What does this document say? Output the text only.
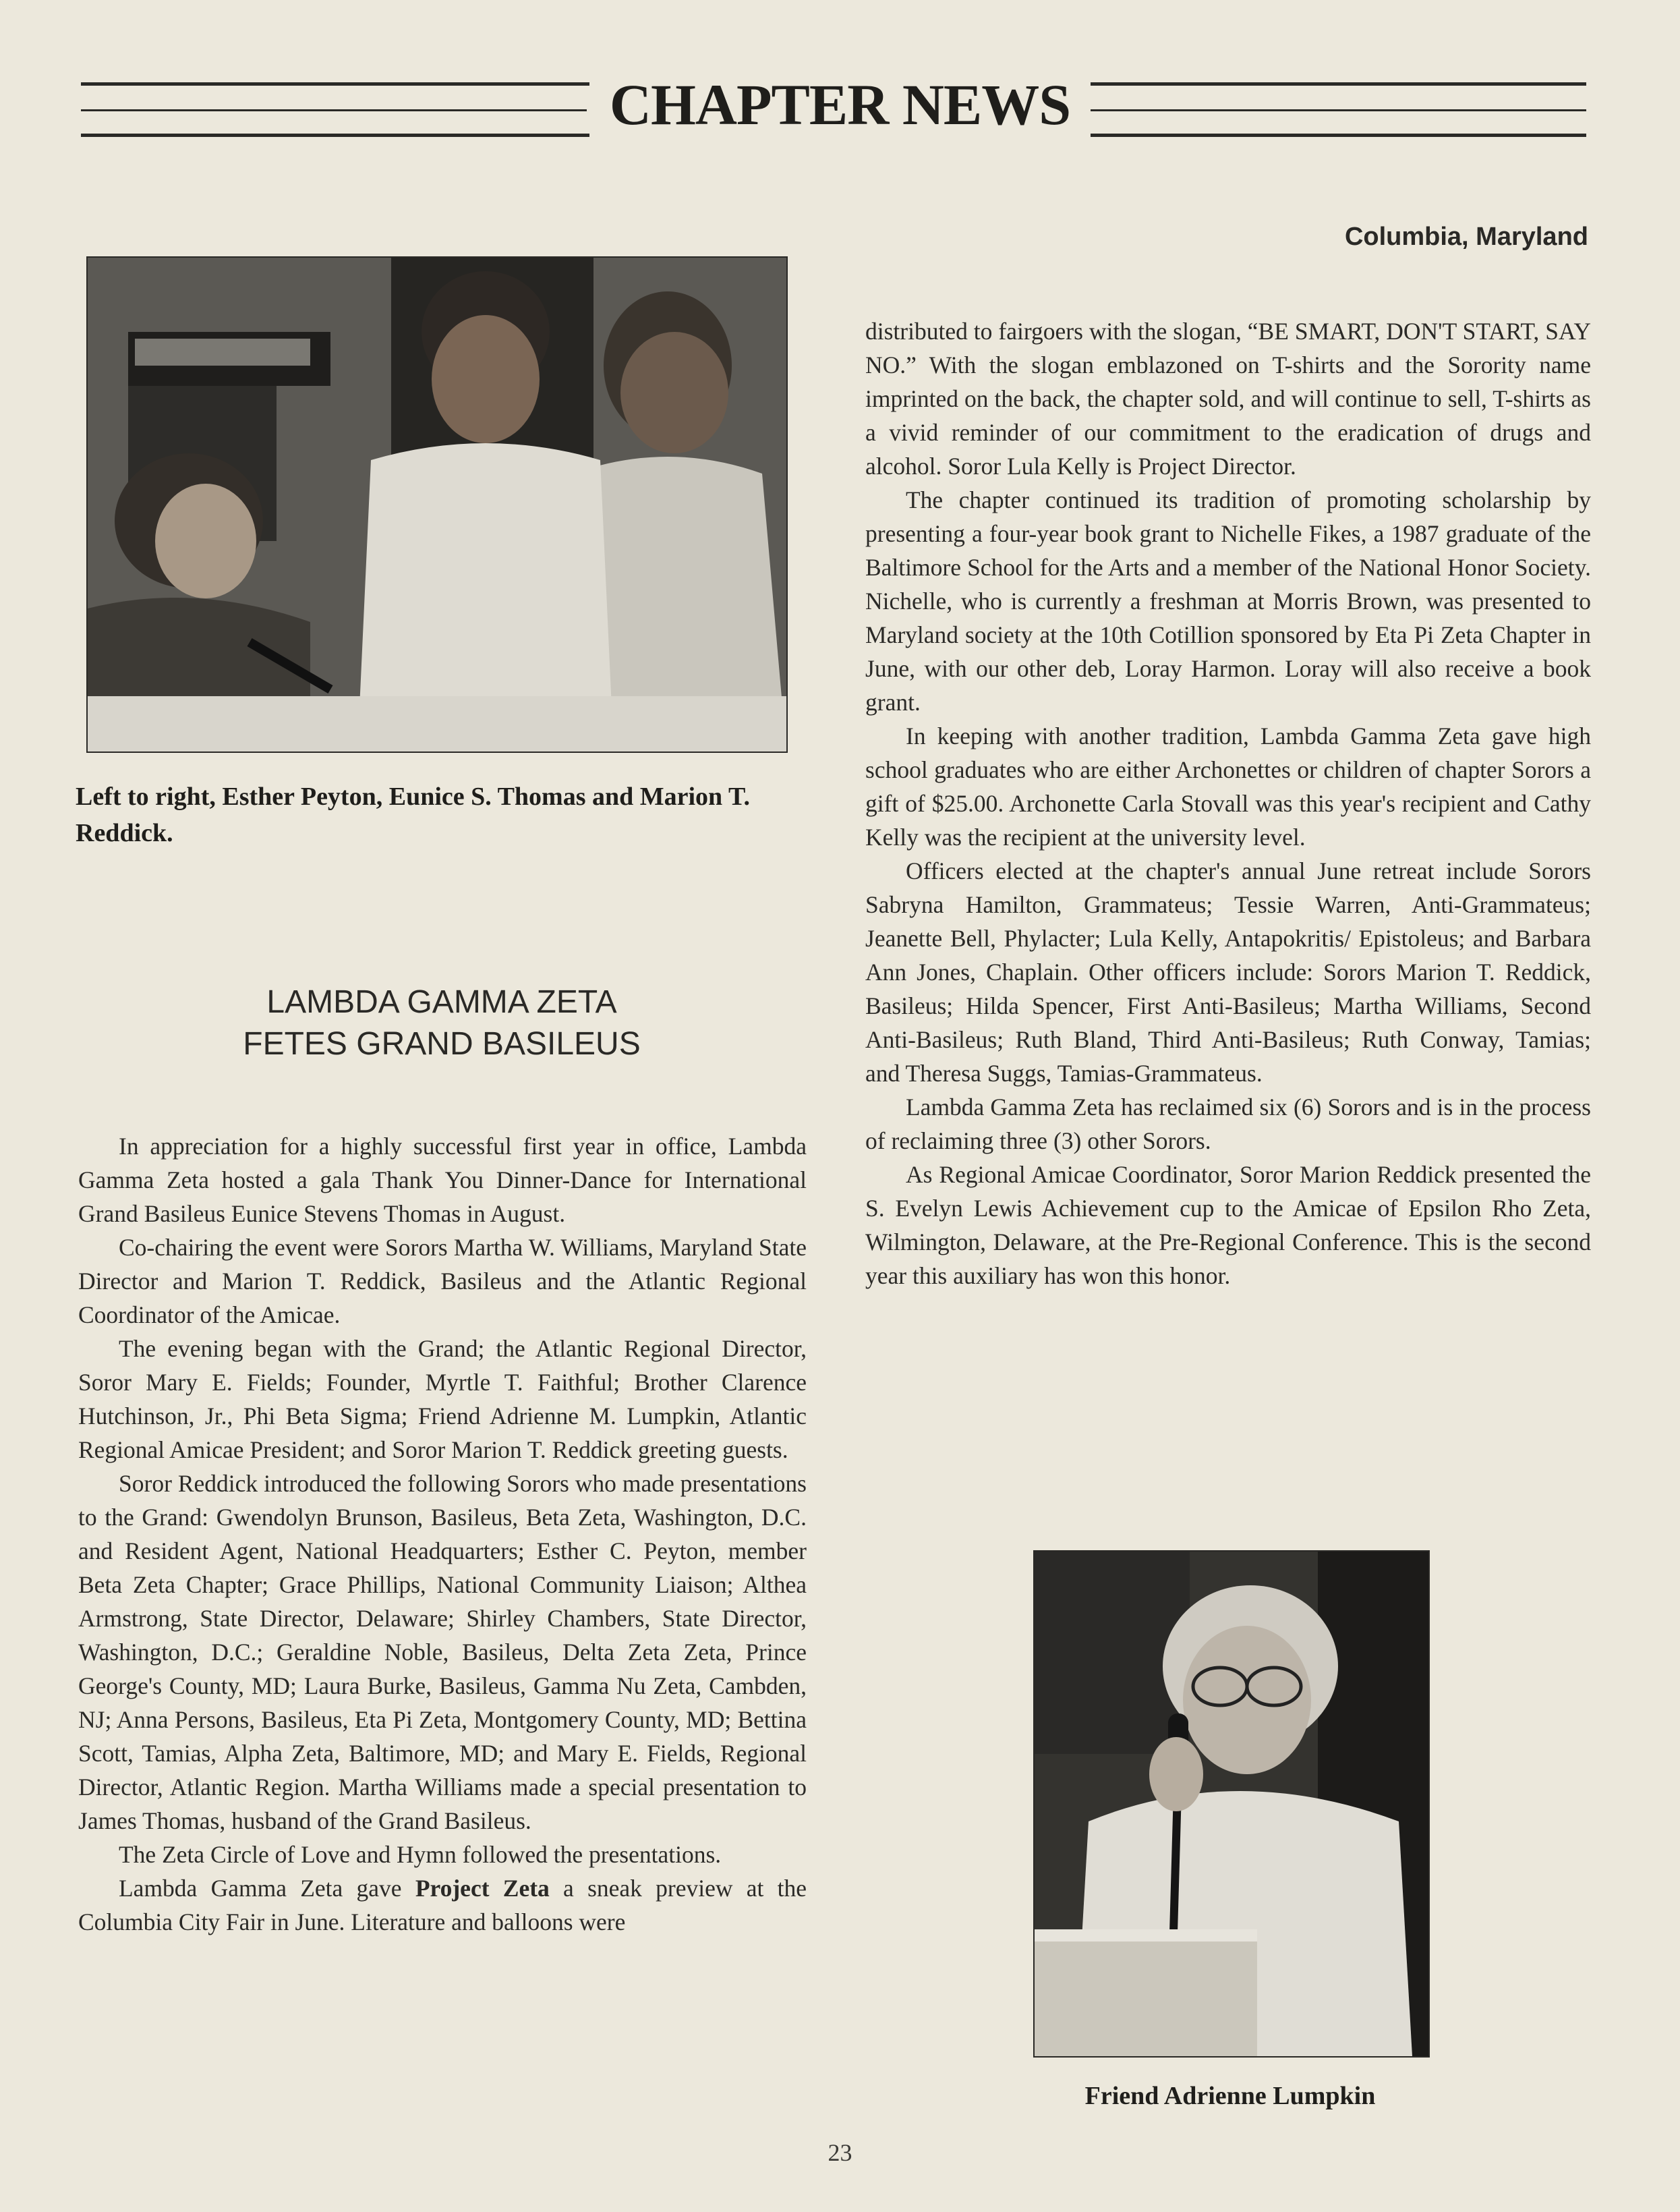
CHAPTER NEWS
Columbia, Maryland
Left to right, Esther Peyton, Eunice S. Thomas and Marion T. Reddick.
LAMBDA GAMMA ZETA
FETES GRAND BASILEUS

In appreciation for a highly successful first year in office, Lambda Gamma Zeta hosted a gala Thank You Dinner-Dance for International Grand Basileus Eunice Stevens Thomas in August.

Co-chairing the event were Sorors Martha W. Williams, Maryland State Director and Marion T. Reddick, Basileus and the Atlantic Regional Coordinator of the Amicae.

The evening began with the Grand; the Atlantic Regional Director, Soror Mary E. Fields; Founder, Myrtle T. Faithful; Brother Clarence Hutchinson, Jr., Phi Beta Sigma; Friend Adrienne M. Lumpkin, Atlantic Regional Amicae President; and Soror Marion T. Reddick greeting guests.

Soror Reddick introduced the following Sorors who made presentations to the Grand: Gwendolyn Brunson, Basileus, Beta Zeta, Washington, D.C. and Resident Agent, National Headquarters; Esther C. Peyton, member Beta Zeta Chapter; Grace Phillips, National Community Liaison; Althea Armstrong, State Director, Delaware; Shirley Chambers, State Director, Washington, D.C.; Geraldine Noble, Basileus, Delta Zeta Zeta, Prince George's County, MD; Laura Burke, Basileus, Gamma Nu Zeta, Cambden, NJ; Anna Persons, Basileus, Eta Pi Zeta, Montgomery County, MD; Bettina Scott, Tamias, Alpha Zeta, Baltimore, MD; and Mary E. Fields, Regional Director, Atlantic Region. Martha Williams made a special presentation to James Thomas, husband of the Grand Basileus.

The Zeta Circle of Love and Hymn followed the presentations.

Lambda Gamma Zeta gave Project Zeta a sneak preview at the Columbia City Fair in June. Literature and balloons were

distributed to fairgoers with the slogan, “BE SMART, DON'T START, SAY NO.” With the slogan emblazoned on T-shirts and the Sorority name imprinted on the back, the chapter sold, and will continue to sell, T-shirts as a vivid reminder of our commitment to the eradication of drugs and alcohol. Soror Lula Kelly is Project Director.

The chapter continued its tradition of promoting scholarship by presenting a four-year book grant to Nichelle Fikes, a 1987 graduate of the Baltimore School for the Arts and a member of the National Honor Society. Nichelle, who is currently a freshman at Morris Brown, was presented to Maryland society at the 10th Cotillion sponsored by Eta Pi Zeta Chapter in June, with our other deb, Loray Harmon. Loray will also receive a book grant.

In keeping with another tradition, Lambda Gamma Zeta gave high school graduates who are either Archonettes or children of chapter Sorors a gift of $25.00. Archonette Carla Stovall was this year's recipient and Cathy Kelly was the recipient at the university level.

Officers elected at the chapter's annual June retreat include Sorors Sabryna Hamilton, Grammateus; Tessie Warren, Anti-Grammateus; Jeanette Bell, Phylacter; Lula Kelly, Antapokritis/ Epistoleus; and Barbara Ann Jones, Chaplain. Other officers include: Sorors Marion T. Reddick, Basileus; Hilda Spencer, First Anti-Basileus; Martha Williams, Second Anti-Basileus; Ruth Bland, Third Anti-Basileus; Ruth Conway, Tamias; and Theresa Suggs, Tamias-Grammateus.

Lambda Gamma Zeta has reclaimed six (6) Sorors and is in the process of reclaiming three (3) other Sorors.

As Regional Amicae Coordinator, Soror Marion Reddick presented the S. Evelyn Lewis Achievement cup to the Amicae of Epsilon Rho Zeta, Wilmington, Delaware, at the Pre-Regional Conference. This is the second year this auxiliary has won this honor.

Friend Adrienne Lumpkin
23
